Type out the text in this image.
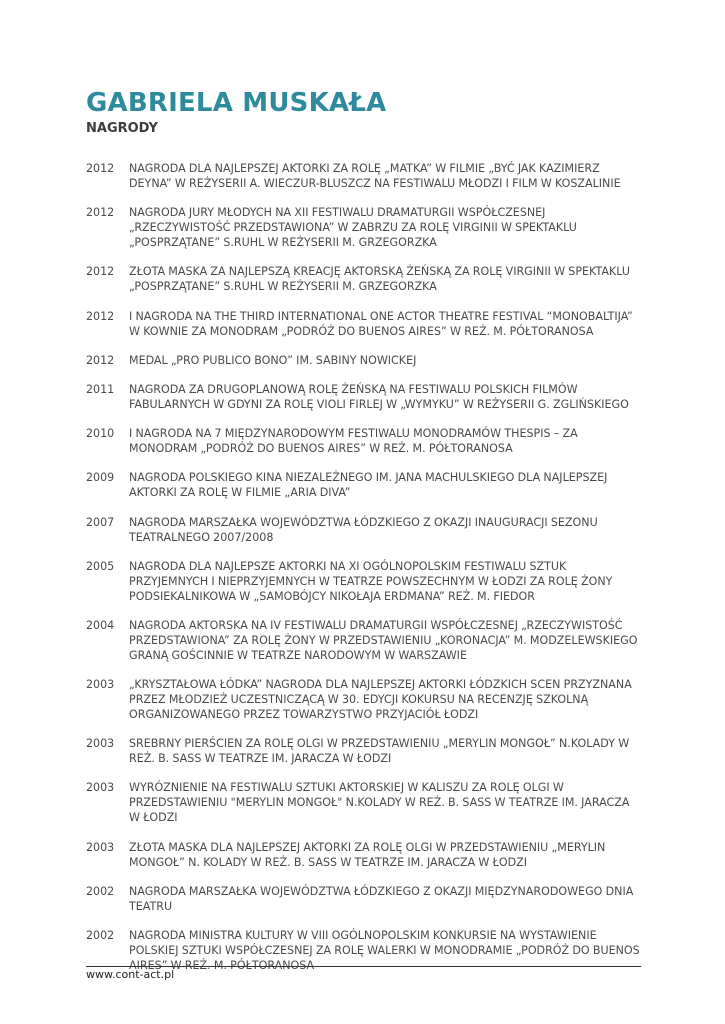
GABRIELA MUSKAŁA
NAGRODY
2012	NAGRODA DLA NAJLEPSZEJ AKTORKI ZA ROLĘ „MATKA” W FILMIE „BYĆ JAK KAZIMIERZ DEYNA” W REŻYSERII A. WIECZUR-BLUSZCZ NA FESTIWALU MŁODZI I FILM W KOSZALINIE
2012	NAGRODA JURY MŁODYCH NA XII FESTIWALU DRAMATURGII WSPÓŁCZESNEJ „RZECZYWISTOŚĆ PRZEDSTAWIONA” W ZABRZU ZA ROLĘ VIRGINII W SPEKTAKLU „POSPRZĄTANE” S.RUHL W REŻYSERII M. GRZEGORZKA
2012	ZŁOTA MASKA ZA NAJLEPSZĄ KREACJĘ AKTORSKĄ ŻEŃSKĄ ZA ROLĘ VIRGINII W SPEKTAKLU „POSPRZĄTANE” S.RUHL W REŻYSERII M. GRZEGORZKA
2012	I NAGRODA NA THE THIRD INTERNATIONAL ONE ACTOR THEATRE FESTIVAL “MONOBALTIJA” W KOWNIE ZA MONODRAM „PODRÓŻ DO BUENOS AIRES” W REŻ. M. PÓŁTORANOSA
2012	MEDAL „PRO PUBLICO BONO” IM. SABINY NOWICKEJ
2011	NAGRODA ZA DRUGOPLANOWĄ ROLĘ ŻEŃSKĄ NA FESTIWALU POLSKICH FILMÓW FABULARNYCH W GDYNI ZA ROLĘ VIOLI FIRLEJ W „WYMYKU” W REŻYSERII G. ZGLIŃSKIEGO
2010	I NAGRODA NA 7 MIĘDZYNARODOWYM FESTIWALU MONODRAMÓW THESPIS – ZA MONODRAM „PODRÓŻ DO BUENOS AIRES” W REŻ. M. PÓŁTORANOSA
2009	NAGRODA POLSKIEGO KINA NIEZALEŻNEGO IM. JANA MACHULSKIEGO DLA NAJLEPSZEJ AKTORKI ZA ROLĘ W FILMIE „ARIA DIVA”
2007	NAGRODA MARSZAŁKA WOJEWÓDZTWA ŁÓDZKIEGO Z OKAZJI INAUGURACJI SEZONU TEATRALNEGO 2007/2008
2005	NAGRODA DLA NAJLEPSZE AKTORKI NA XI OGÓLNOPOLSKIM FESTIWALU SZTUK PRZYJEMNYCH I NIEPRZYJEMNYCH W TEATRZE POWSZECHNYM W ŁODZI ZA ROLĘ ŻONY PODSIEKALNIKOWA W „SAMOBÓJCY NIKOŁAJA ERDMANA” REŻ. M. FIEDOR
2004	NAGRODA AKTORSKA NA IV FESTIWALU DRAMATURGII WSPÓŁCZESNEJ „RZECZYWISTOŚĆ PRZEDSTAWIONA” ZA ROLĘ ŻONY W PRZEDSTAWIENIU „KORONACJA” M. MODZELEWSKIEGO GRANĄ GOŚCINNIE W TEATRZE NARODOWYM W WARSZAWIE
2003	„KRYSZTAŁOWA ŁÓDKA” NAGRODA DLA NAJLEPSZEJ AKTORKI ŁÓDZKICH SCEN PRZYZNANA PRZEZ MŁODZIEŻ UCZESTNICZĄCĄ W 30. EDYCJI KOKURSU NA RECENZJĘ SZKOLNĄ ORGANIZOWANEGO PRZEZ TOWARZYSTWO PRZYJACIÓŁ ŁODZI
2003	SREBRNY PIERŚCIEN ZA ROLĘ OLGI W PRZEDSTAWIENIU „MERYLIN MONGOŁ” N.KOLADY W REŻ. B. SASS W TEATRZE IM. JARACZA W ŁODZI
2003	WYRÓZNIENIE NA FESTIWALU SZTUKI AKTORSKIEJ W KALISZU ZA ROLĘ OLGI W PRZEDSTAWIENIU "MERYLIN MONGOŁ" N.KOLADY W REŻ. B. SASS W TEATRZE IM. JARACZA W ŁODZI
2003	ZŁOTA MASKA DLA NAJLEPSZEJ AKTORKI ZA ROLĘ OLGI W PRZEDSTAWIENIU „MERYLIN MONGOŁ” N. KOLADY W REŻ. B. SASS W TEATRZE IM. JARACZA W ŁODZI
2002	NAGRODA MARSZAŁKA WOJEWÓDZTWA ŁÓDZKIEGO Z OKAZJI MIĘDZYNARODOWEGO DNIA TEATRU
2002	NAGRODA MINISTRA KULTURY W VIII OGÓLNOPOLSKIM KONKURSIE NA WYSTAWIENIE POLSKIEJ SZTUKI WSPÓŁCZESNEJ ZA ROLĘ WALERKI W MONODRAMIE „PODRÓŻ DO BUENOS AIRES” W REŻ. M. PÓŁTORANOSA
www.cont-act.pl
